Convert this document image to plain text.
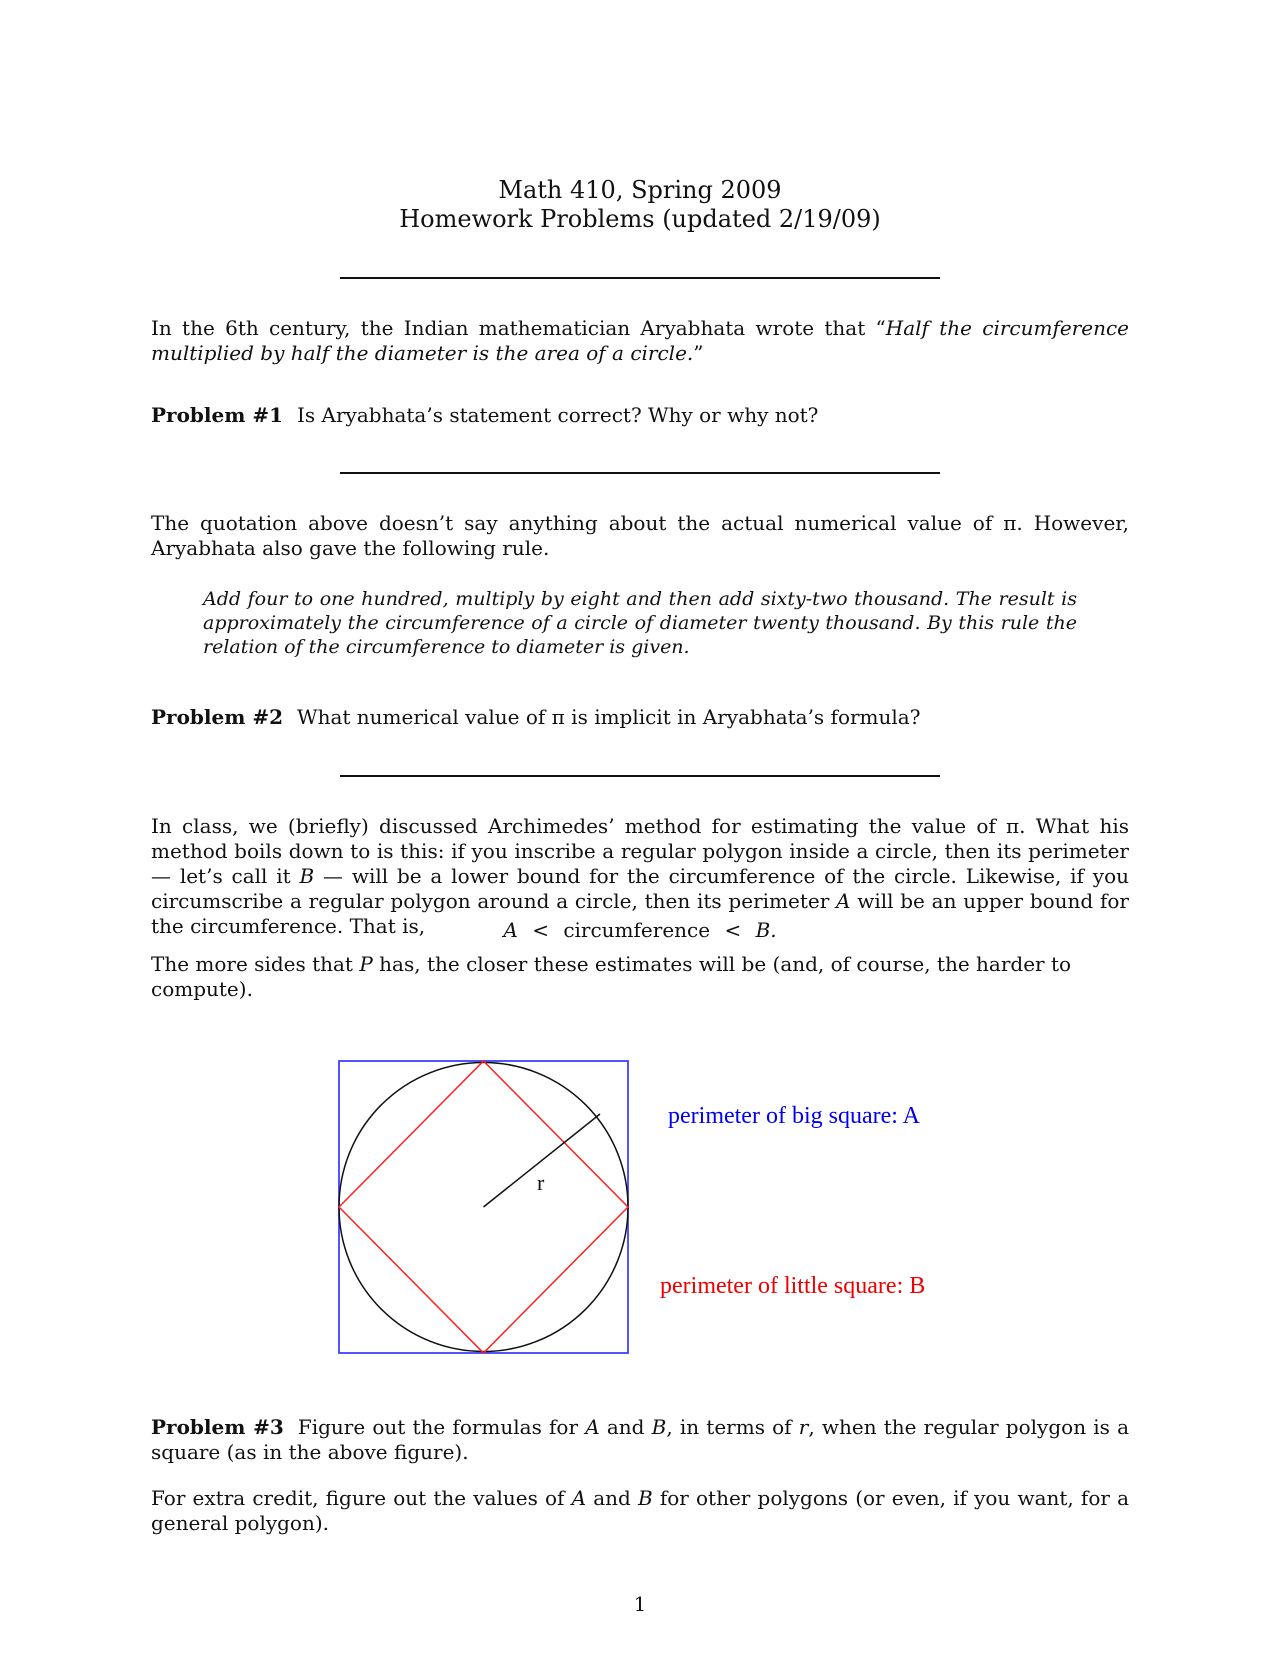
Math 410, Spring 2009
Homework Problems (updated 2/19/09)
In the 6th century, the Indian mathematician Aryabhata wrote that “Half the circumference multiplied by half the diameter is the area of a circle.”
Problem #1 Is Aryabhata’s statement correct? Why or why not?
The quotation above doesn’t say anything about the actual numerical value of π. However, Aryabhata also gave the following rule.
Add four to one hundred, multiply by eight and then add sixty-two thousand. The result is approximately the circumference of a circle of diameter twenty thousand. By this rule the relation of the circumference to diameter is given.
Problem #2 What numerical value of π is implicit in Aryabhata’s formula?
In class, we (briefly) discussed Archimedes’ method for estimating the value of π. What his method boils down to is this: if you inscribe a regular polygon inside a circle, then its perimeter — let’s call it B — will be a lower bound for the circumference of the circle. Likewise, if you circumscribe a regular polygon around a circle, then its perimeter A will be an upper bound for the circumference. That is,	A < circumference < B.
The more sides that P has, the closer these estimates will be (and, of course, the harder to compute).
r
perimeter of big square: A
perimeter of little square: B
Problem #3 Figure out the formulas for A and B, in terms of r, when the regular polygon is a square (as in the above figure).
For extra credit, figure out the values of A and B for other polygons (or even, if you want, for a general polygon).
1
